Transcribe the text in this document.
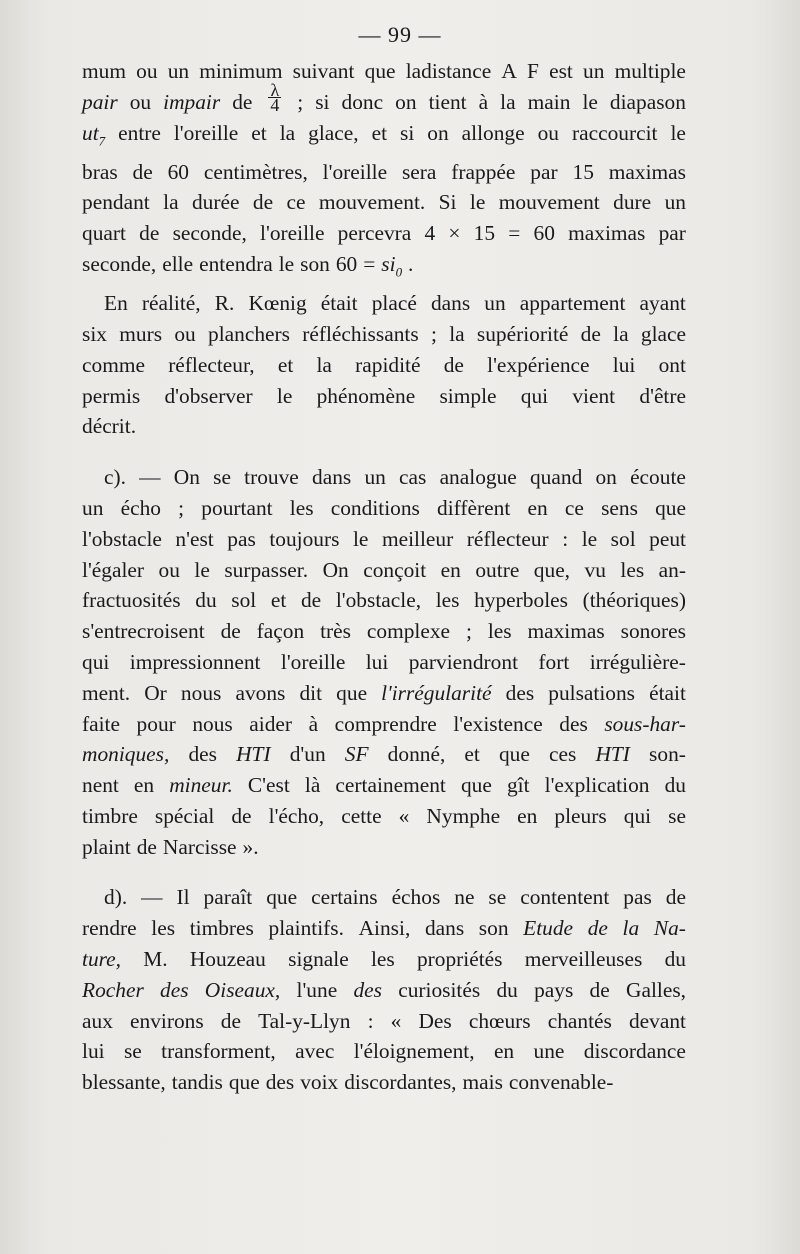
— 99 —
mum ou un minimum suivant que ladistance A F est un multiple
pair ou impair de $\frac{\lambda}{4}$ ; si donc on tient à la main le diapason
$ut_7$ entre l'oreille et la glace, et si on allonge ou raccourcit le
bras de 60 centimètres, l'oreille sera frappée par 15 maximas
pendant la durée de ce mouvement. Si le mouvement dure un
quart de seconde, l'oreille percevra 4 × 15 = 60 maximas par
seconde, elle entendra le son $60 = si_0$ .
En réalité, R. Kœnig était placé dans un appartement ayant
six murs ou planchers réfléchissants ; la supériorité de la glace
comme réflecteur, et la rapidité de l'expérience lui ont
permis d'observer le phénomène simple qui vient d'être
décrit.
c). — On se trouve dans un cas analogue quand on écoute
un écho ; pourtant les conditions diffèrent en ce sens que
l'obstacle n'est pas toujours le meilleur réflecteur : le sol peut
l'égaler ou le surpasser. On conçoit en outre que, vu les an-
fractuosités du sol et de l'obstacle, les hyperboles (théoriques)
s'entrecroisent de façon très complexe ; les maximas sonores
qui impressionnent l'oreille lui parviendront fort irrégulière-
ment. Or nous avons dit que l'irrégularité des pulsations était
faite pour nous aider à comprendre l'existence des sous-har-
moniques, des HTI d'un SF donné, et que ces HTI son-
nent en mineur. C'est là certainement que gît l'explication du
timbre spécial de l'écho, cette « Nymphe en pleurs qui se
plaint de Narcisse ».
d). — Il paraît que certains échos ne se contentent pas de
rendre les timbres plaintifs. Ainsi, dans son Etude de la Na-
ture, M. Houzeau signale les propriétés merveilleuses du
Rocher des Oiseaux, l'une des curiosités du pays de Galles,
aux environs de Tal-y-Llyn : « Des chœurs chantés devant
lui se transforment, avec l'éloignement, en une discordance
blessante, tandis que des voix discordantes, mais convenable-
